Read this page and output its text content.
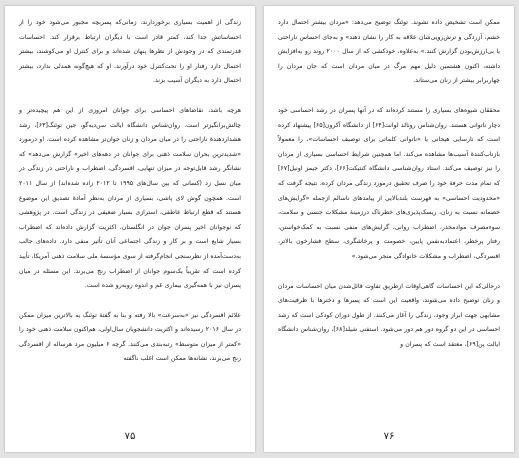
زندگی از اهمیت بسیاری برخوردارند. زمانی‌که پسربچه مجبور می‌شود خود را از احساساتش جدا کند، کمتر قادر است با دیگران ارتباط برقرار کند. احساسات قدرتمندی که در وجودش از نظرها پنهان شده‌اند و برای کنترل او می‌کوشند، بیشتر احتمال دارد رفتار او را تحت‌کنترل خود درآورند. او که هیچ‌گونه همدلی ندارد، بیشتر احتمال دارد به دیگران آسیب بزند.

هرچه باشد، تقاضاهای احساسی برای جوانان امروزی از این هم پیچیده‌تر و چالش‌برانگیزتر است. روان‌شناس دانشگاه ایالت سن‌دیه‌گو، جین توئنگ[۶۳]، رشد هشداردهندهٔ ناراحتی را در میان مردان و زنان جوان‌تر مشاهده کرده است. او درمورد «شدیدترین بحران سلامت ذهنی برای جوانان در دهه‌های اخیر» گزارش می‌دهد» که نشانگر رشد قابل‌توجه در میزان تنهایی، افسردگی، اضطراب و ناراحتی در زندگی در میان نسل زد (کسانی که بین سال‌های ۱۹۹۵ تا ۲۰۱۲ زاده شده‌اند) از سال ۲۰۱۱ است. همچون گوش‌ لای پاشی، بسیاری از مردان به‌نظر آمادهٔ تصدیق این موضوع هستند که قطع ارتباط عاطفی، استرازی بسیار ضعیفی در زندگی است. در پژوهشی که نوجوانان اخیر پسران جوان در انگلستان، اکثریت گزارش داده‌اند که اضطراب بسیار شایع است و بر کار و زندگی اجتماعی آنان تأثیر منفی دارد. داده‌های جالب به‌دست‌آمده از نظرسنجی انجام‌گرفته از سوی مؤسسهٔ ملی سلامت ذهنی آمریکا، تأیید کرده است که تقریباً یک‌سوم جوانان از اضطراب رنج می‌برند. این مسئله در میان پسران نیز با همه‌گیری بیماری غم و اندوه روبه‌رو شده است.

علائم افسردگی نیز «به‌سرعت» بالا رفته و بنا به گفتهٔ توئنگ به بالاترین میزان ممکن در سال ۲۰۱۶ رسیده‌اند و اکثریت دانشجویان سال‌اولی، هم‌اکنون سلامت ذهنی خود را «کمتر از میزان متوسط» رتبه‌بندی می‌کنند. گرچه ۶ میلیون مرد هرساله از افسردگی رنج می‌برند، نشانه‌ها ممکن است اغلب ناگفته

۷۵

ممکن است تشخیص داده نشوند. توئنگ توضیح می‌دهد: «مردان بیشتر احتمال دارد خشم، آزردگی و ترش‌رویی‌شان علاقه به کار را نشان دهند» و به‌جای احساس ناراحتی یا بی‌ارزش‌بودن گزارش کنند.» به‌علاوه، خودکشی که از سال ۲۰۰۰ روند رو به‌افزایش داشته، اکنون هشتمین دلیل مهم مرگ در میان مردان است که جان مردان را چهاربرابر بیشتر از زنان می‌ستاند.

محققان شیوه‌های بسیاری را مستند کرده‌اند که در آنها پسران در رشد احساسی خود دچار ناتوانی هستند. روان‌شناس رونالد لوانت[۶۴] از دانشگاه آکرون[۶۵] پیشنهاد کرده است که نارسایی هیجانی یا «ناتوانی کلماتی برای توصیف احساسات»، را معمولاً بازتاب‌کنندهٔ آسیب‌ها مشاهده می‌کند. اما همچنین شرایط احساسی بسیاری از مردان را نیز توصیف می‌کند. استاد روان‌شناسی دانشگاه کنتیکت[۶۶]، دکتر جیمز اونیل[۶۷] که تمام مدت حرفهٔ خود را صرف تحقیق درمورد زندگی مردان کرده، نتیجه گرفت که «محدودیت احساسی» به فهرست بلندبالایی از پیامدهای ناسالم ازجمله «گرایش‌های خصمانه نسبت به زنان، ریسک‌پذیری‌های خطرناک درزمینهٔ مشکلات جنسی و سلامت، سوءمصرف مواد‌مخدر، اضطراب روانی، گرایش‌های منفی نسبت به کمک‌خواستن، رفتار پرخطر، اعتمادبه‌نفس پایین، خصومت و پرخاشگری، سطح فشارخون بالاتر، افسردگی، اضطراب و مشکلات خانوادگی منجر می‌شود.»

درحالی‌که این احساسات گاهی‌اوقات ازطریق تفاوت قائل‌شدن میان احساسات مردان و زنان توضیح داده می‌شوند، واقعیت این است که پسرها و دخترها با ظرفیت‌های مشابهی جهت ابراز وجود، زندگی را آغاز می‌کنند. از طول دوران کودکی است که رشد احساسی در این دو گروه دور هم دور می‌شود. استفنی شیلد[۶۸]، روان‌شناس دانشگاه ایالت پن[۶۹]، معتقد است که پسران و

۷۶
